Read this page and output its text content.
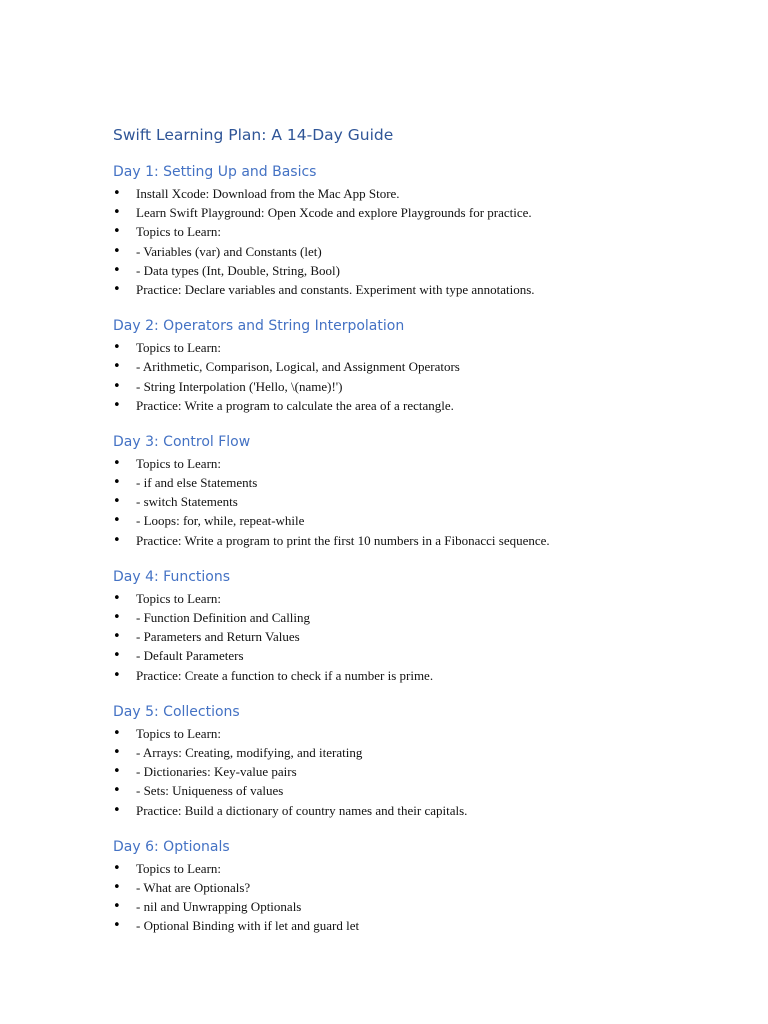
Swift Learning Plan: A 14-Day Guide
Day 1: Setting Up and Basics
• Install Xcode: Download from the Mac App Store.
• Learn Swift Playground: Open Xcode and explore Playgrounds for practice.
• Topics to Learn:
• - Variables (var) and Constants (let)
• - Data types (Int, Double, String, Bool)
• Practice: Declare variables and constants. Experiment with type annotations.
Day 2: Operators and String Interpolation
• Topics to Learn:
• - Arithmetic, Comparison, Logical, and Assignment Operators
• - String Interpolation ('Hello, \(name)!')
• Practice: Write a program to calculate the area of a rectangle.
Day 3: Control Flow
• Topics to Learn:
• - if and else Statements
• - switch Statements
• - Loops: for, while, repeat-while
• Practice: Write a program to print the first 10 numbers in a Fibonacci sequence.
Day 4: Functions
• Topics to Learn:
• - Function Definition and Calling
• - Parameters and Return Values
• - Default Parameters
• Practice: Create a function to check if a number is prime.
Day 5: Collections
• Topics to Learn:
• - Arrays: Creating, modifying, and iterating
• - Dictionaries: Key-value pairs
• - Sets: Uniqueness of values
• Practice: Build a dictionary of country names and their capitals.
Day 6: Optionals
• Topics to Learn:
• - What are Optionals?
• - nil and Unwrapping Optionals
• - Optional Binding with if let and guard let
